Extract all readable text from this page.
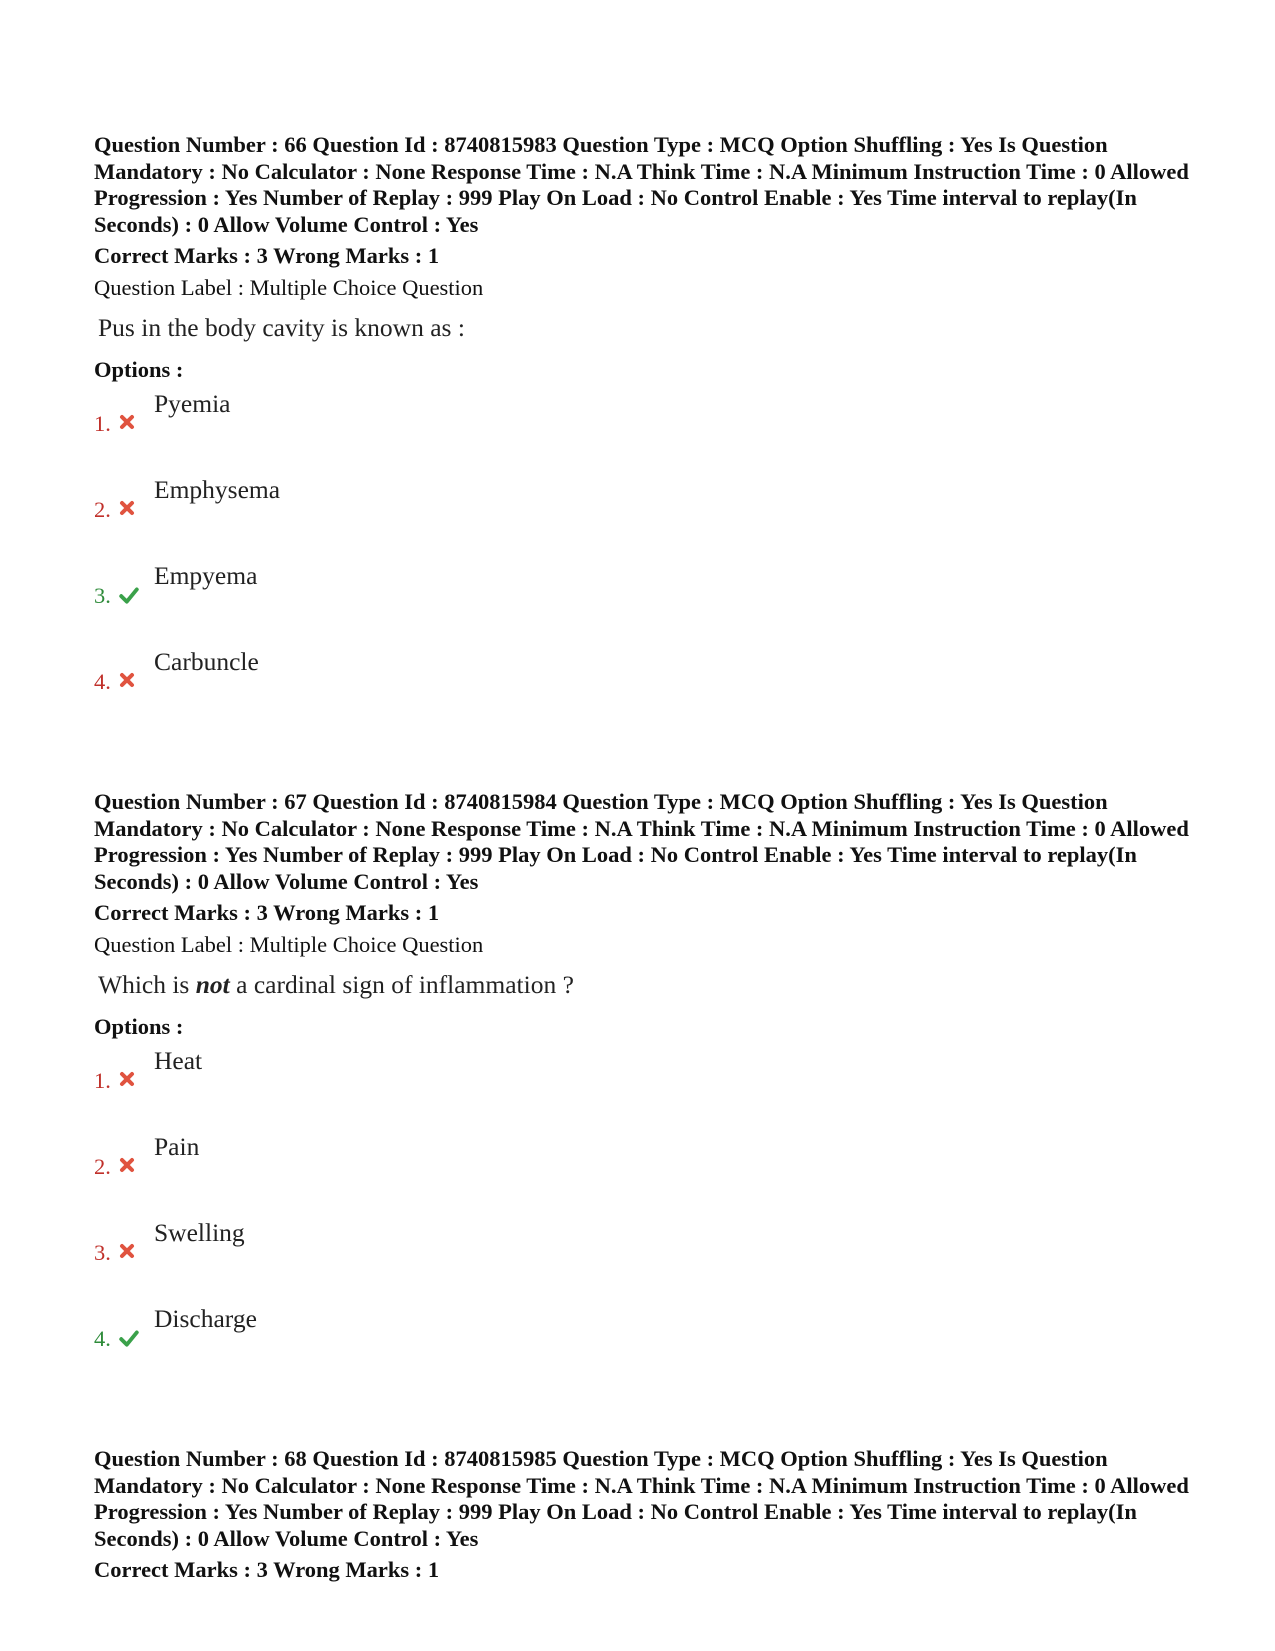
Question Number : 66 Question Id : 8740815983 Question Type : MCQ Option Shuffling : Yes Is Question Mandatory : No Calculator : None Response Time : N.A Think Time : N.A Minimum Instruction Time : 0 Allowed Progression : Yes Number of Replay : 999 Play On Load : No Control Enable : Yes Time interval to replay(In Seconds) : 0 Allow Volume Control : Yes

Correct Marks : 3 Wrong Marks : 1
Question Label : Multiple Choice Question
Pus in the body cavity is known as :
Options :
1.
Pyemia
2.
Emphysema
3.
Empyema
4.
Carbuncle

Question Number : 67 Question Id : 8740815984 Question Type : MCQ Option Shuffling : Yes Is Question Mandatory : No Calculator : None Response Time : N.A Think Time : N.A Minimum Instruction Time : 0 Allowed Progression : Yes Number of Replay : 999 Play On Load : No Control Enable : Yes Time interval to replay(In Seconds) : 0 Allow Volume Control : Yes

Correct Marks : 3 Wrong Marks : 1
Question Label : Multiple Choice Question
Which is not a cardinal sign of inflammation ?
Options :
1.
Heat
2.
Pain
3.
Swelling
4.
Discharge

Question Number : 68 Question Id : 8740815985 Question Type : MCQ Option Shuffling : Yes Is Question Mandatory : No Calculator : None Response Time : N.A Think Time : N.A Minimum Instruction Time : 0 Allowed Progression : Yes Number of Replay : 999 Play On Load : No Control Enable : Yes Time interval to replay(In Seconds) : 0 Allow Volume Control : Yes

Correct Marks : 3 Wrong Marks : 1
